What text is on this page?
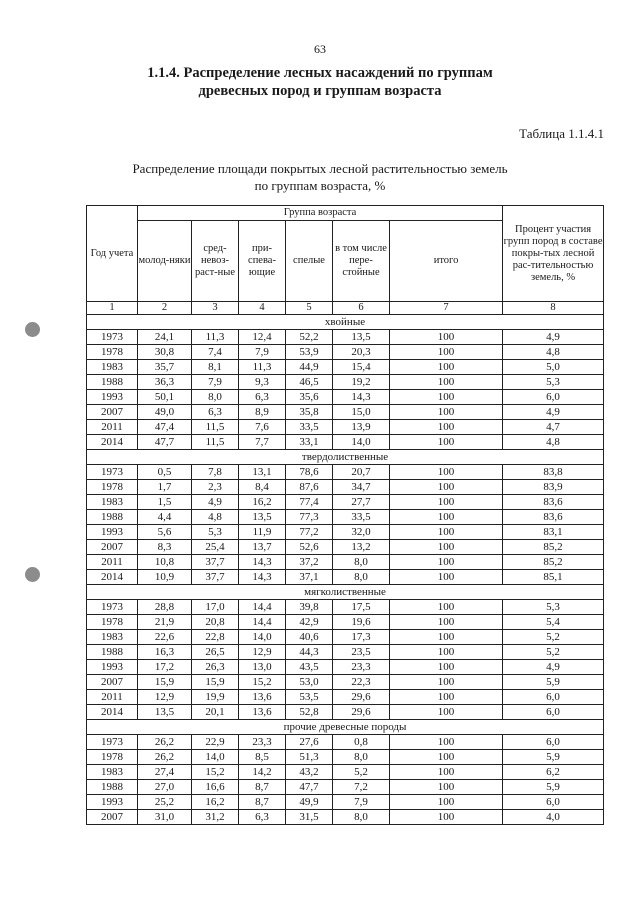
63
1.1.4. Распределение лесных насаждений по группам
древесных пород и группам возраста
Таблица 1.1.4.1
Распределение площади покрытых лесной растительностью земель
по группам возраста, %
Год учета	Группа возраста						Процент участия групп пород в составе покры-тых лесной рас-тительностью земель, %
	молод-няки	сред-невоз-раст-ные	при-спева-ющие	спелые	в том числе пере-стойные	итого	
1	2	3	4	5	6	7	8
хвойные							
1973	24,1	11,3	12,4	52,2	13,5	100	4,9
1978	30,8	7,4	7,9	53,9	20,3	100	4,8
1983	35,7	8,1	11,3	44,9	15,4	100	5,0
1988	36,3	7,9	9,3	46,5	19,2	100	5,3
1993	50,1	8,0	6,3	35,6	14,3	100	6,0
2007	49,0	6,3	8,9	35,8	15,0	100	4,9
2011	47,4	11,5	7,6	33,5	13,9	100	4,7
2014	47,7	11,5	7,7	33,1	14,0	100	4,8
твердолиственные							
1973	0,5	7,8	13,1	78,6	20,7	100	83,8
1978	1,7	2,3	8,4	87,6	34,7	100	83,9
1983	1,5	4,9	16,2	77,4	27,7	100	83,6
1988	4,4	4,8	13,5	77,3	33,5	100	83,6
1993	5,6	5,3	11,9	77,2	32,0	100	83,1
2007	8,3	25,4	13,7	52,6	13,2	100	85,2
2011	10,8	37,7	14,3	37,2	8,0	100	85,2
2014	10,9	37,7	14,3	37,1	8,0	100	85,1
мягколиственные							
1973	28,8	17,0	14,4	39,8	17,5	100	5,3
1978	21,9	20,8	14,4	42,9	19,6	100	5,4
1983	22,6	22,8	14,0	40,6	17,3	100	5,2
1988	16,3	26,5	12,9	44,3	23,5	100	5,2
1993	17,2	26,3	13,0	43,5	23,3	100	4,9
2007	15,9	15,9	15,2	53,0	22,3	100	5,9
2011	12,9	19,9	13,6	53,5	29,6	100	6,0
2014	13,5	20,1	13,6	52,8	29,6	100	6,0
прочие древесные породы							
1973	26,2	22,9	23,3	27,6	0,8	100	6,0
1978	26,2	14,0	8,5	51,3	8,0	100	5,9
1983	27,4	15,2	14,2	43,2	5,2	100	6,2
1988	27,0	16,6	8,7	47,7	7,2	100	5,9
1993	25,2	16,2	8,7	49,9	7,9	100	6,0
2007	31,0	31,2	6,3	31,5	8,0	100	4,0
